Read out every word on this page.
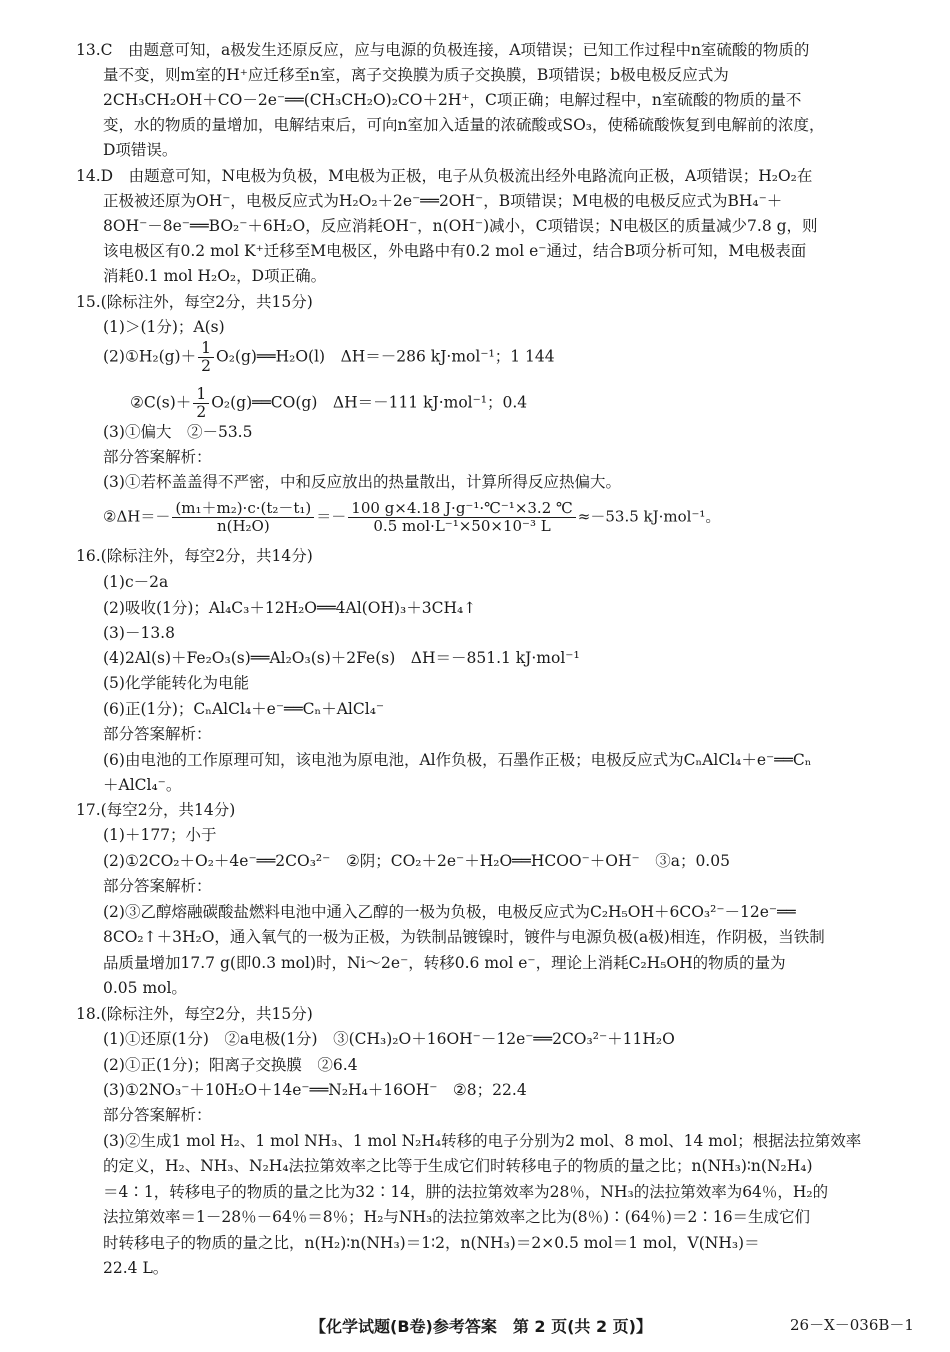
13.C　由题意可知，a极发生还原反应，应与电源的负极连接，A项错误；已知工作过程中n室硫酸的物质的
量不变，则m室的H⁺应迁移至n室，离子交换膜为质子交换膜，B项错误；b极电极反应式为
2CH₃CH₂OH＋CO－2e⁻══(CH₃CH₂O)₂CO＋2H⁺，C项正确；电解过程中，n室硫酸的物质的量不
变，水的物质的量增加，电解结束后，可向n室加入适量的浓硫酸或SO₃，使稀硫酸恢复到电解前的浓度，
D项错误。
14.D　由题意可知，N电极为负极，M电极为正极，电子从负极流出经外电路流向正极，A项错误；H₂O₂在
正极被还原为OH⁻，电极反应式为H₂O₂＋2e⁻══2OH⁻，B项错误；M电极的电极反应式为BH₄⁻＋
8OH⁻－8e⁻══BO₂⁻＋6H₂O，反应消耗OH⁻，n(OH⁻)减小，C项错误；N电极区的质量减少7.8 g，则
该电极区有0.2 mol K⁺迁移至M电极区，外电路中有0.2 mol e⁻通过，结合B项分析可知，M电极表面
消耗0.1 mol H₂O₂，D项正确。
15.(除标注外，每空2分，共15分)
(1)＞(1分)；A(s)
(2)①H₂(g)＋ $\frac{1}{2}$ O₂(g)══H₂O(l)　ΔH＝－286 kJ·mol⁻¹；1 144
②C(s)＋ $\frac{1}{2}$ O₂(g)══CO(g)　ΔH＝－111 kJ·mol⁻¹；0.4
(3)①偏大　②－53.5
部分答案解析：
(3)①若杯盖盖得不严密，中和反应放出的热量散出，计算所得反应热偏大。
②ΔH＝－ $\frac{\text{(m₁＋m₂)·c·(t₂－t₁)}}{\text{n(H₂O)}} =- \frac{\text{100 g×4.18 J·g⁻¹·℃⁻¹×3.2 ℃}}{\text{0.5 mol·L⁻¹×50×10⁻³ L}} \approx-53.5$ kJ·mol⁻¹。
16.(除标注外，每空2分，共14分)
(1)c－2a
(2)吸收(1分)；Al₄C₃＋12H₂O══4Al(OH)₃＋3CH₄↑
(3)－13.8
(4)2Al(s)＋Fe₂O₃(s)══Al₂O₃(s)＋2Fe(s)　ΔH＝－851.1 kJ·mol⁻¹
(5)化学能转化为电能
(6)正(1分)；CₙAlCl₄＋e⁻══Cₙ＋AlCl₄⁻
部分答案解析：
(6)由电池的工作原理可知，该电池为原电池，Al作负极，石墨作正极；电极反应式为CₙAlCl₄＋e⁻══Cₙ
＋AlCl₄⁻。
17.(每空2分，共14分)
(1)＋177；小于
(2)①2CO₂＋O₂＋4e⁻══2CO₃²⁻　②阴；CO₂＋2e⁻＋H₂O══HCOO⁻＋OH⁻　③a；0.05
部分答案解析：
(2)③乙醇熔融碳酸盐燃料电池中通入乙醇的一极为负极，电极反应式为C₂H₅OH＋6CO₃²⁻－12e⁻══
8CO₂↑＋3H₂O，通入氧气的一极为正极，为铁制品镀镍时，镀件与电源负极(a极)相连，作阴极，当铁制
品质量增加17.7 g(即0.3 mol)时，Ni～2e⁻，转移0.6 mol e⁻，理论上消耗C₂H₅OH的物质的量为
0.05 mol。
18.(除标注外，每空2分，共15分)
(1)①还原(1分)　②a电极(1分)　③(CH₃)₂O＋16OH⁻－12e⁻══2CO₃²⁻＋11H₂O
(2)①正(1分)；阳离子交换膜　②6.4
(3)①2NO₃⁻＋10H₂O＋14e⁻══N₂H₄＋16OH⁻　②8；22.4
部分答案解析：
(3)②生成1 mol H₂、1 mol NH₃、1 mol N₂H₄转移的电子分别为2 mol、8 mol、14 mol；根据法拉第效率
的定义，H₂、NH₃、N₂H₄法拉第效率之比等于生成它们时转移电子的物质的量之比；n(NH₃)∶n(N₂H₄)
＝4∶1，转移电子的物质的量之比为32∶14，肼的法拉第效率为28％，NH₃的法拉第效率为64％，H₂的
法拉第效率＝1－28％－64％＝8％；H₂与NH₃的法拉第效率之比为(8％)∶(64％)＝2∶16＝生成它们
时转移电子的物质的量之比，n(H₂)∶n(NH₃)＝1∶2，n(NH₃)＝2×0.5 mol＝1 mol，V(NH₃)＝
22.4 L。
【化学试题(B卷)参考答案　第 2 页(共 2 页)】	26－X－036B－1
